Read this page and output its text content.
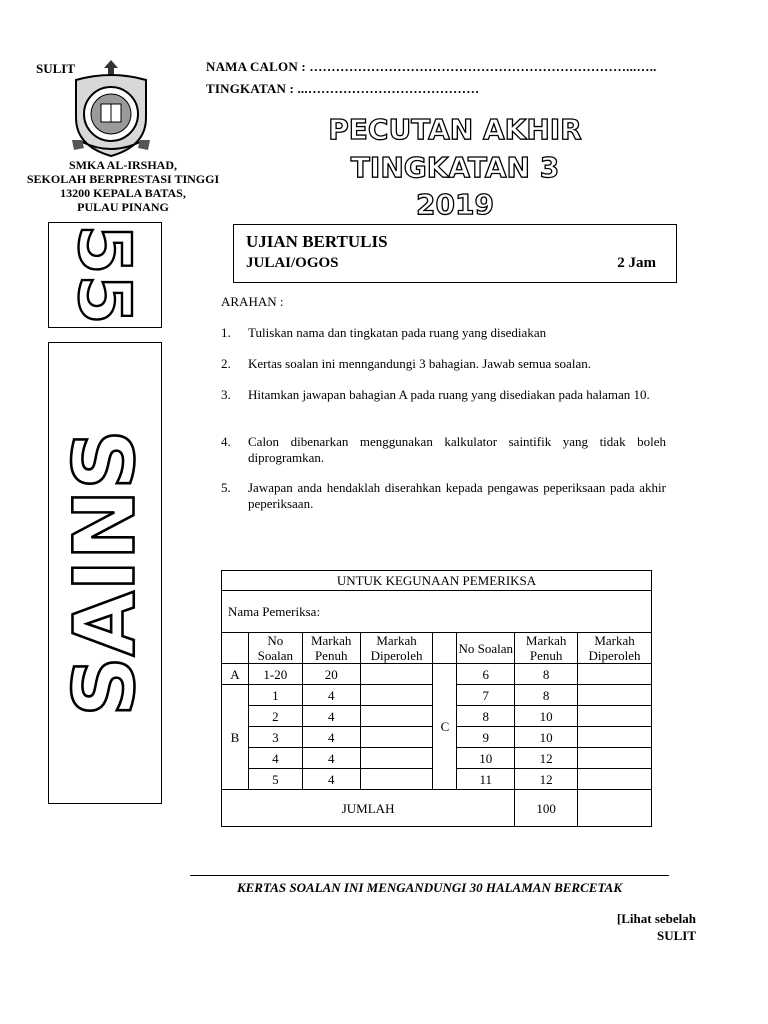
SULIT
SMKA AL-IRSHAD,
SEKOLAH BERPRESTASI TINGGI
13200 KEPALA BATAS,
PULAU PINANG
NAMA CALON : ………………………………………………………………...…..
TINGKATAN : ...…………………………………
PECUTAN AKHIR
TINGKATAN 3
2019
55
SAINS
UJIAN BERTULIS
JULAI/OGOS	2 Jam
ARAHAN :
1. Tuliskan nama dan tingkatan pada ruang yang disediakan
2. Kertas soalan ini menngandungi 3 bahagian. Jawab semua soalan.
3. Hitamkan jawapan bahagian A pada ruang yang disediakan pada halaman 10.
4. Calon dibenarkan menggunakan kalkulator saintifik yang tidak boleh diprogramkan.
5. Jawapan anda hendaklah diserahkan kepada pengawas peperiksaan pada akhir peperiksaan.
UNTUK KEGUNAAN PEMERIKSA							
Nama Pemeriksa:							
	No Soalan	Markah Penuh	Markah Diperoleh		No Soalan	Markah Penuh	Markah Diperoleh
A	1-20	20		C	6	8	
B	1	4			7	8	
	2	4			8	10	
	3	4			9	10	
	4	4			10	12	
	5	4			11	12	
JUMLAH						100	
KERTAS SOALAN INI MENGANDUNGI 30 HALAMAN BERCETAK
[Lihat sebelah
SULIT
